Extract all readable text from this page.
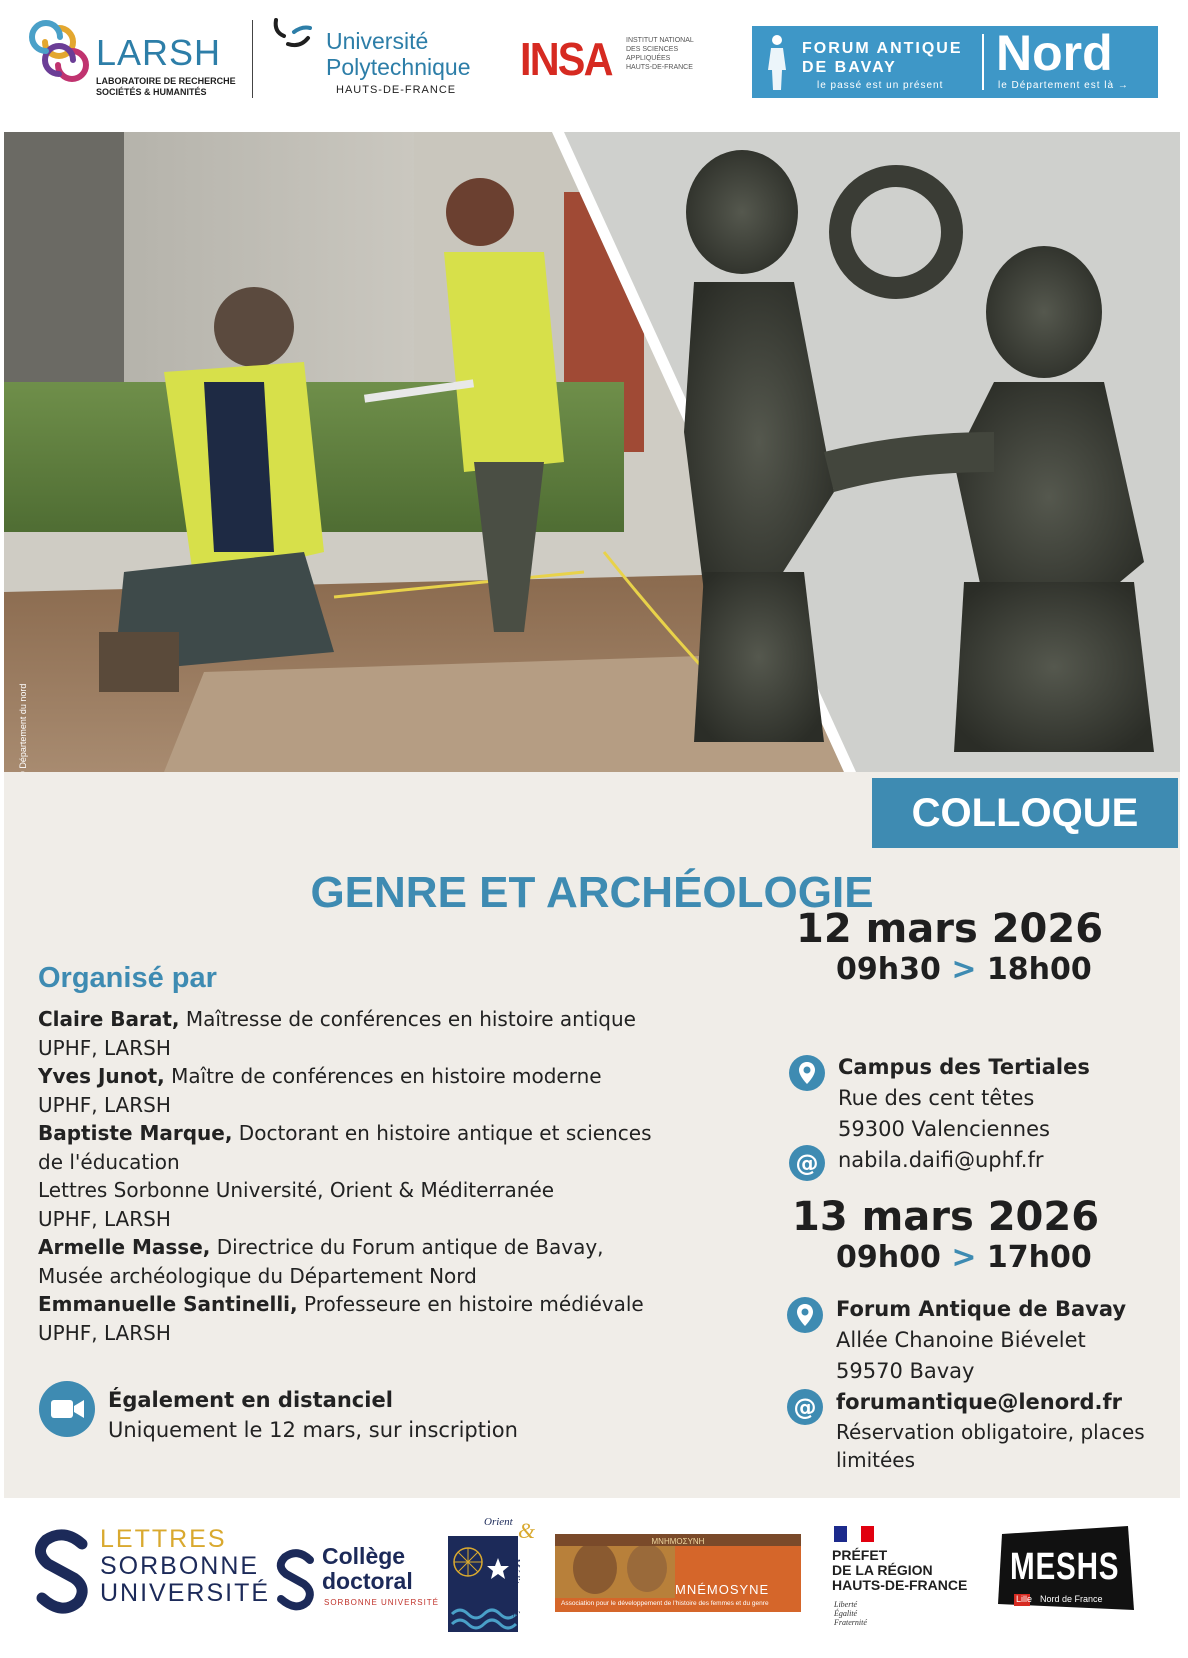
LARSH
LABORATOIRE DE RECHERCHE
SOCIÉTÉS & HUMANITÉS
Université
Polytechnique
HAUTS-DE-FRANCE
INSA INSTITUT NATIONAL
DES SCIENCES
APPLIQUÉES
HAUTS-DE-FRANCE
FORUM ANTIQUE
DE BAVAY
le passé est un présent
Nord
le Département est là →
COLLOQUE
GENRE ET ARCHÉOLOGIE
Organisé par
Claire Barat, Maîtresse de conférences en histoire antique
UPHF, LARSH
Yves Junot, Maître de conférences en histoire moderne
UPHF, LARSH
Baptiste Marque, Doctorant en histoire antique et sciences
de l'éducation
Lettres Sorbonne Université, Orient & Méditerranée
UPHF, LARSH
Armelle Masse, Directrice du Forum antique de Bavay,
Musée archéologique du Département Nord
Emmanuelle Santinelli, Professeure en histoire médiévale
UPHF, LARSH
Également en distanciel
Uniquement le 12 mars, sur inscription
12 mars 2026
09h30 > 18h00
Campus des Tertiales
Rue des cent têtes
59300 Valenciennes
@ nabila.daifi@uphf.fr
13 mars 2026
09h00 > 17h00
Forum Antique de Bavay
Allée Chanoine Biévelet
59570 Bavay
@ forumantique@lenord.fr
Réservation obligatoire, places
limitées
LETTRES
SORBONNE
UNIVERSITÉ
Collège
doctoral
SORBONNE UNIVERSITÉ
&
Orient
Méditerranée
MNHMOΣYNH
MNÉMOSYNE
Association pour le développement de l'histoire des femmes et du genre
PRÉFET
DE LA RÉGION
HAUTS-DE-FRANCE
Liberté
Égalité
Fraternité
MESHS
Lille Nord de France
